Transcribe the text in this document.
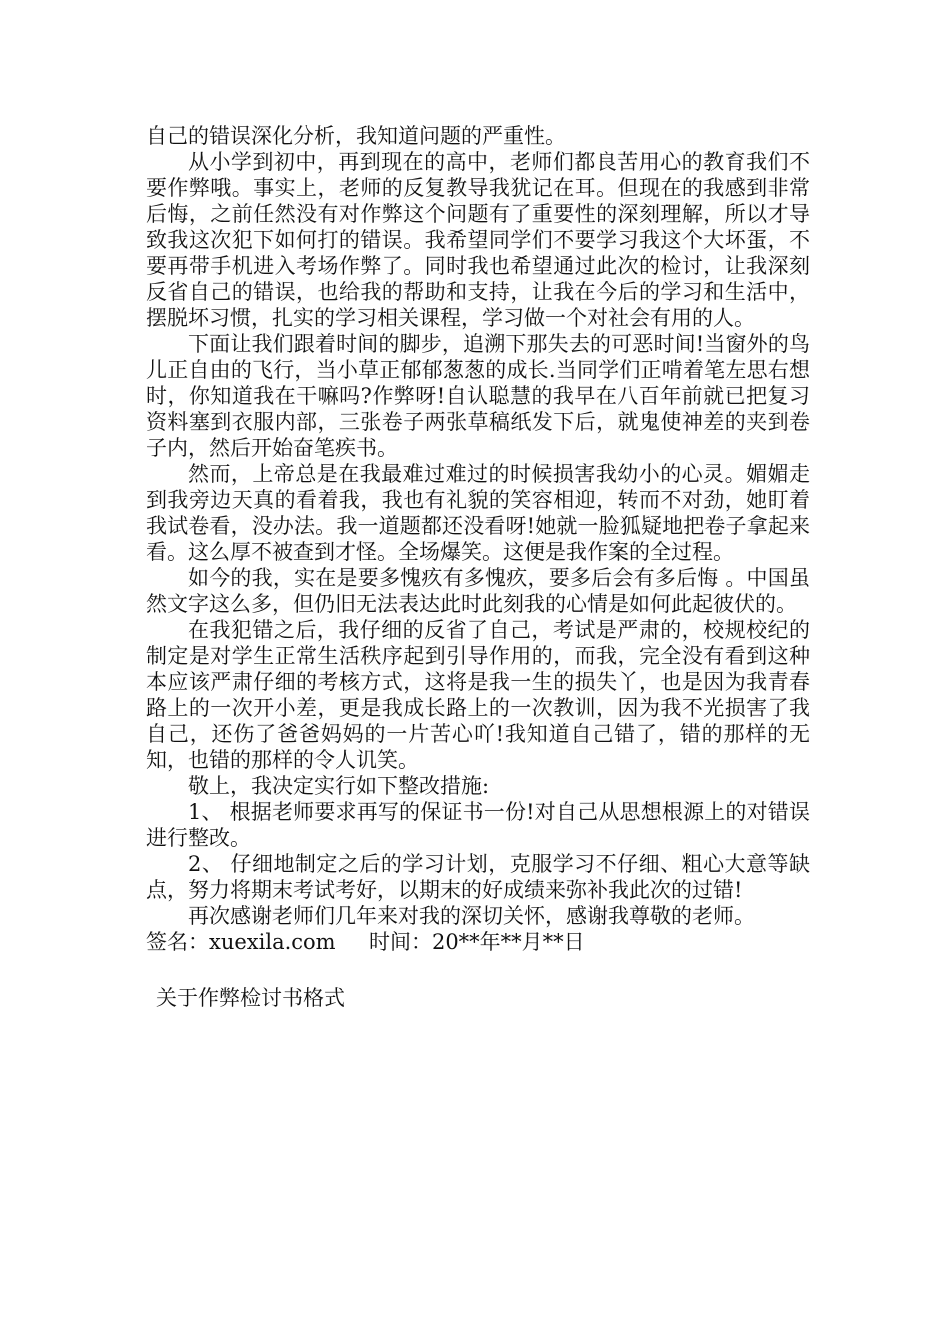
自己的错误深化分析，我知道问题的严重性。

从小学到初中，再到现在的高中，老师们都良苦用心的教育我们不要作弊哦。事实上，老师的反复教导我犹记在耳。但现在的我感到非常后悔，之前任然没有对作弊这个问题有了重要性的深刻理解，所以才导致我这次犯下如何打的错误。我希望同学们不要学习我这个大坏蛋，不要再带手机进入考场作弊了。同时我也希望通过此次的检讨，让我深刻反省自己的错误，也给我的帮助和支持，让我在今后的学习和生活中，摆脱坏习惯，扎实的学习相关课程，学习做一个对社会有用的人。

下面让我们跟着时间的脚步，追溯下那失去的可恶时间!当窗外的鸟儿正自由的飞行，当小草正郁郁葱葱的成长.当同学们正啃着笔左思右想时，你知道我在干嘛吗?作弊呀!自认聪慧的我早在八百年前就已把复习资料塞到衣服内部，三张卷子两张草稿纸发下后，就鬼使神差的夹到卷子内，然后开始奋笔疾书。

然而，上帝总是在我最难过难过的时候损害我幼小的心灵。媚媚走到我旁边天真的看着我，我也有礼貌的笑容相迎，转而不对劲，她盯着我试卷看，没办法。我一道题都还没看呀!她就一脸狐疑地把卷子拿起来看。这么厚不被查到才怪。全场爆笑。这便是我作案的全过程。

如今的我，实在是要多愧疚有多愧疚，要多后会有多后悔 。中国虽然文字这么多，但仍旧无法表达此时此刻我的心情是如何此起彼伏的。

在我犯错之后，我仔细的反省了自己，考试是严肃的，校规校纪的制定是对学生正常生活秩序起到引导作用的，而我，完全没有看到这种本应该严肃仔细的考核方式，这将是我一生的损失丫，也是因为我青春路上的一次开小差，更是我成长路上的一次教训，因为我不光损害了我自己，还伤了爸爸妈妈的一片苦心吖!我知道自己错了，错的那样的无知，也错的那样的令人讥笑。

敬上，我决定实行如下整改措施:

1、 根据老师要求再写的保证书一份!对自己从思想根源上的对错误进行整改。

2、 仔细地制定之后的学习计划，克服学习不仔细、粗心大意等缺点，努力将期末考试考好，以期末的好成绩来弥补我此次的过错!

再次感谢老师们几年来对我的深切关怀，感谢我尊敬的老师。

签名：xuexila.com     时间：20**年**月**日

关于作弊检讨书格式
